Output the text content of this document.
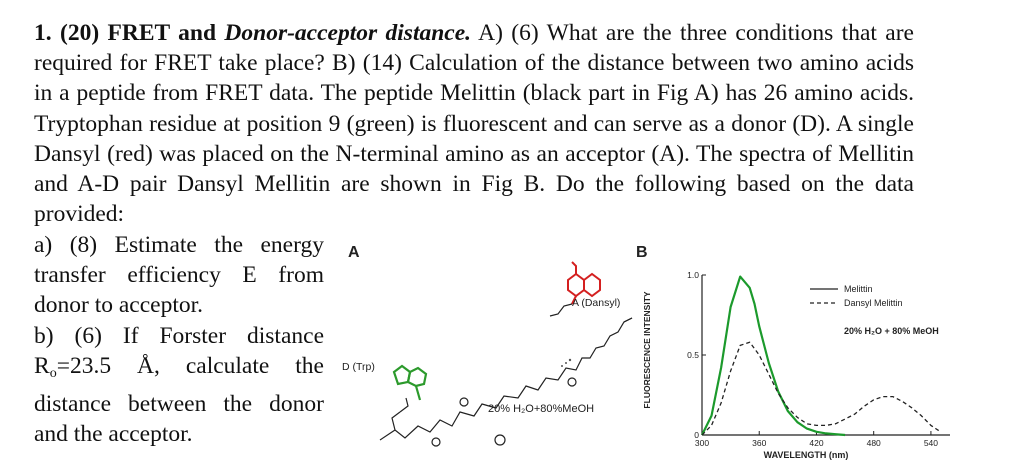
1. (20) FRET and Donor-acceptor distance. A) (6) What are the three conditions that are required for FRET take place? B) (14) Calculation of the distance between two amino acids in a peptide from FRET data. The peptide Melittin (black part in Fig A) has 26 amino acids. Tryptophan residue at position 9 (green) is fluorescent and can serve as a donor (D). A single Dansyl (red) was placed on the N-terminal amino as an acceptor (A). The spectra of Mellitin and A-D pair Dansyl Mellitin are shown in Fig B. Do the following based on the data provided:

a) (8) Estimate the energy transfer efficiency E from donor to acceptor.

b) (6) If Forster distance $R_o=23.5$ Å, calculate the distance between the donor and the acceptor.

A
A (Dansyl)
D (Trp)
20% H₂O+80%MeOH
B
FLUORESCENCE INTENSITY
WAVELENGTH (nm)
20% H₂O + 80% MeOH
Melittin
Dansyl Melittin
300	360	420	480	540
0
0.5
1.0
